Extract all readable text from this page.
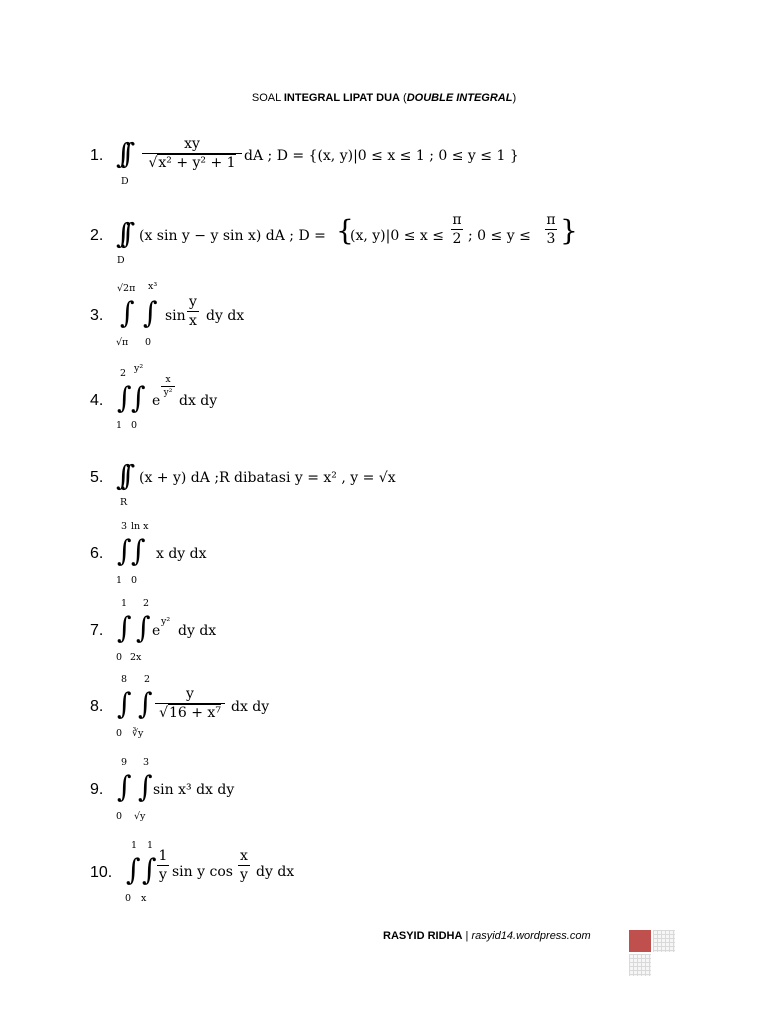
SOAL INTEGRAL LIPAT DUA (DOUBLE INTEGRAL)
1. ∫∫
D
xy
√x² + y² + 1 dA ; D = {(x, y)|0 ≤ x ≤ 1 ; 0 ≤ y ≤ 1 }
2. ∫∫
D
(x sin y − y sin x) dA ; D = {
(x, y)|0 ≤ x ≤
π
2 ; 0 ≤ y ≤
π
3 }
3.
√2π x³
∫ ∫
√π 0
sin
y
x dy dx
4.
2 y²
∫ ∫
1 0
e
x
y² dx dy
5. ∫∫
R
(x + y) dA ;R dibatasi y = x² , y = √x
6.
3 ln x
∫ ∫
1 0
x dy dx
7.
1 2
∫ ∫
0 2x
e
y²
dy dx
8.
8 2
∫ ∫
0 ∛y
y
√16 + x⁷ dx dy
9.
9 3
∫ ∫
0 √y
sin x³ dx dy
10.
1 1
∫ ∫
0 x
1
y sin y cos
x
y dy dx
RASYID RIDHA | rasyid14.wordpress.com
